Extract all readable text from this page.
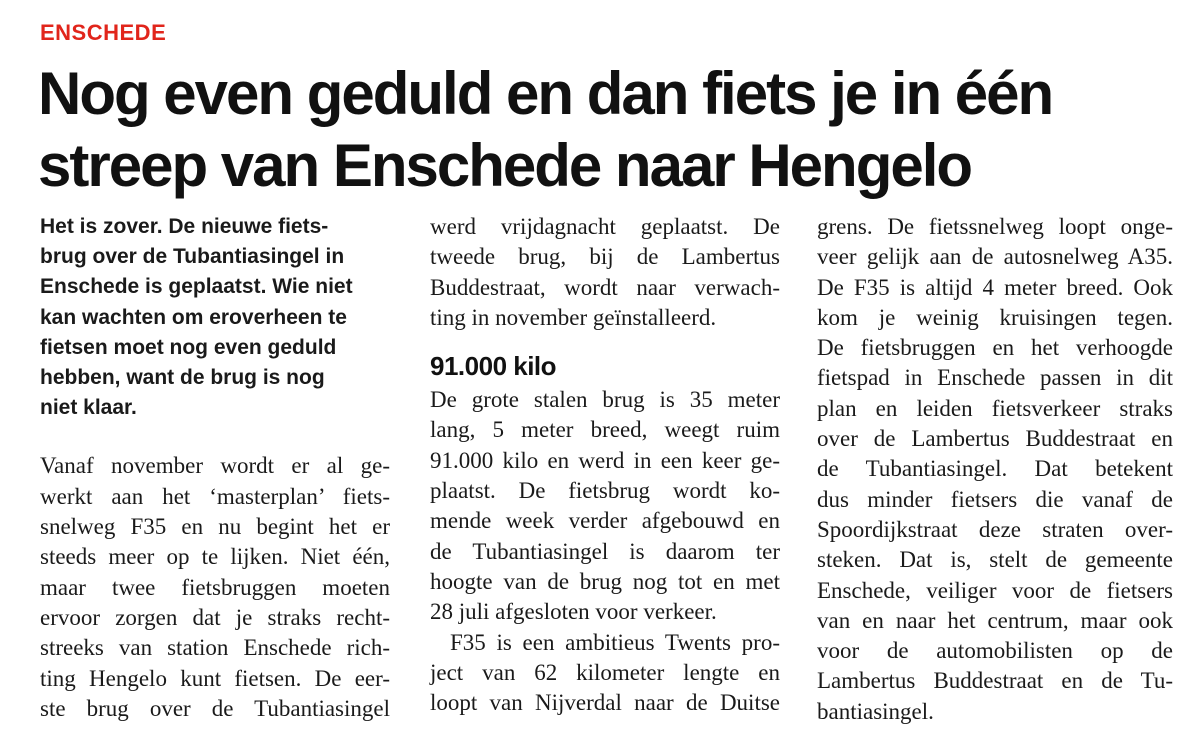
ENSCHEDE
Nog even geduld en dan fiets je in één streep van Enschede naar Hengelo
Het is zover. De nieuwe fiets-
brug over de Tubantiasingel in
Enschede is geplaatst. Wie niet
kan wachten om eroverheen te
fietsen moet nog even geduld
hebben, want de brug is nog
niet klaar.
Vanaf november wordt er al ge-
werkt aan het ‘masterplan’ fiets-
snelweg F35 en nu begint het er
steeds meer op te lijken. Niet één,
maar twee fietsbruggen moeten
ervoor zorgen dat je straks recht-
streeks van station Enschede rich-
ting Hengelo kunt fietsen. De eer-
ste brug over de Tubantiasingel
werd vrijdagnacht geplaatst. De
tweede brug, bij de Lambertus
Buddestraat, wordt naar verwach-
ting in november geïnstalleerd.
91.000 kilo
De grote stalen brug is 35 meter
lang, 5 meter breed, weegt ruim
91.000 kilo en werd in een keer ge-
plaatst. De fietsbrug wordt ko-
mende week verder afgebouwd en
de Tubantiasingel is daarom ter
hoogte van de brug nog tot en met
28 juli afgesloten voor verkeer.
F35 is een ambitieus Twents pro-
ject van 62 kilometer lengte en
loopt van Nijverdal naar de Duitse
grens. De fietssnelweg loopt onge-
veer gelijk aan de autosnelweg A35.
De F35 is altijd 4 meter breed. Ook
kom je weinig kruisingen tegen.
De fietsbruggen en het verhoogde
fietspad in Enschede passen in dit
plan en leiden fietsverkeer straks
over de Lambertus Buddestraat en
de Tubantiasingel. Dat betekent
dus minder fietsers die vanaf de
Spoordijkstraat deze straten over-
steken. Dat is, stelt de gemeente
Enschede, veiliger voor de fietsers
van en naar het centrum, maar ook
voor de automobilisten op de
Lambertus Buddestraat en de Tu-
bantiasingel.
